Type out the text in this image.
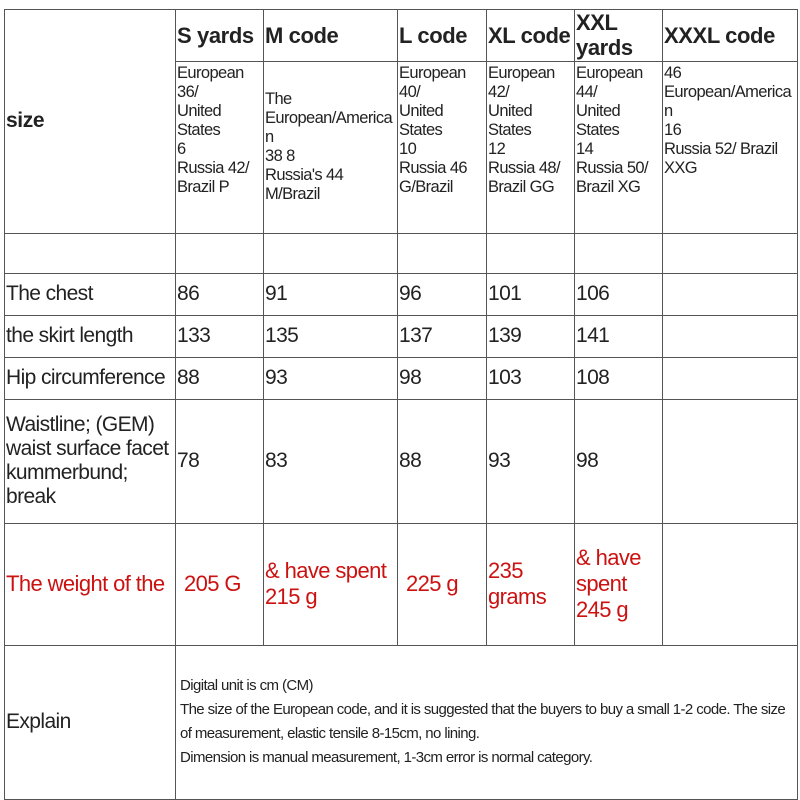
size	S yards	M code	L code	XL code	XXL yards	XXXL code

	European 36/
United States
6
Russia 42/
Brazil P	The
European/American
38 8
Russia's 44 M/Brazil	European 40/
United States
10
Russia 46
G/Brazil	European 42/
United States
12
Russia 48/
Brazil GG	European 44/
United States
14
Russia 50/
Brazil XG	46
European/American
16
Russia 52/ Brazil
XXG

The chest	86	91	96	101	106	
the skirt length	133	135	137	139	141	
Hip circumference	88	93	98	103	108	
Waistline; (GEM) waist surface facet kummerbund; break	78	83	88	93	98	
The weight of the	205 G	& have spent 215 g	225 g	235 grams	& have spent 245 g	
Explain	Digital unit is cm (CM)
The size of the European code, and it is suggested that the buyers to buy a small 1-2 code. The size of measurement, elastic tensile 8-15cm, no lining.
Dimension is manual measurement, 1-3cm error is normal category.					
